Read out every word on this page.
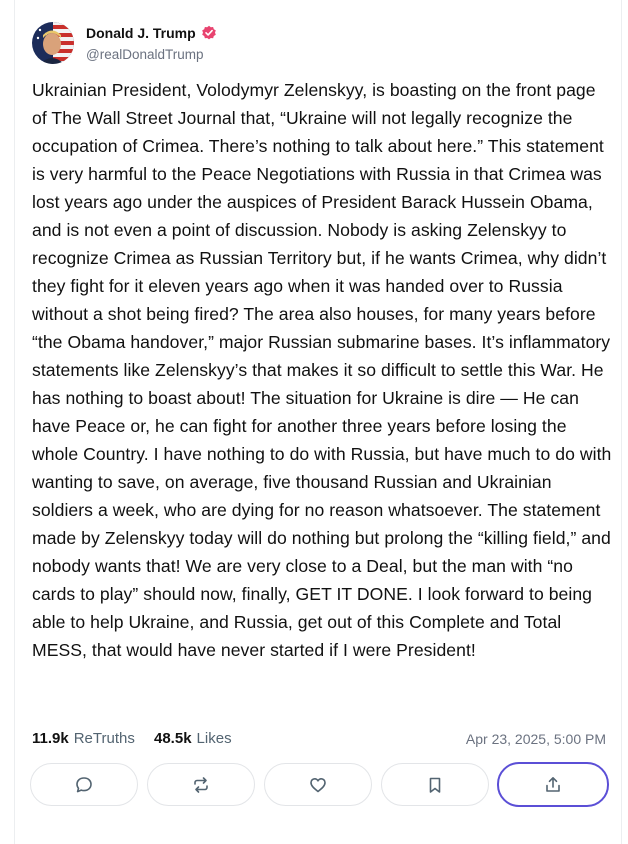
Donald J. Trump
@realDonaldTrump

Ukrainian President, Volodymyr Zelenskyy, is boasting on the front page of The Wall Street Journal that, “Ukraine will not legally recognize the occupation of Crimea. There’s nothing to talk about here.” This statement is very harmful to the Peace Negotiations with Russia in that Crimea was lost years ago under the auspices of President Barack Hussein Obama, and is not even a point of discussion. Nobody is asking Zelenskyy to recognize Crimea as Russian Territory but, if he wants Crimea, why didn’t they fight for it eleven years ago when it was handed over to Russia without a shot being fired? The area also houses, for many years before “the Obama handover,” major Russian submarine bases. It’s inflammatory statements like Zelenskyy’s that makes it so difficult to settle this War. He has nothing to boast about! The situation for Ukraine is dire — He can have Peace or, he can fight for another three years before losing the whole Country. I have nothing to do with Russia, but have much to do with wanting to save, on average, five thousand Russian and Ukrainian soldiers a week, who are dying for no reason whatsoever. The statement made by Zelenskyy today will do nothing but prolong the “killing field,” and nobody wants that! We are very close to a Deal, but the man with “no cards to play” should now, finally, GET IT DONE. I look forward to being able to help Ukraine, and Russia, get out of this Complete and Total MESS, that would have never started if I were President!

11.9k ReTruths 48.5k Likes	Apr 23, 2025, 5:00 PM
